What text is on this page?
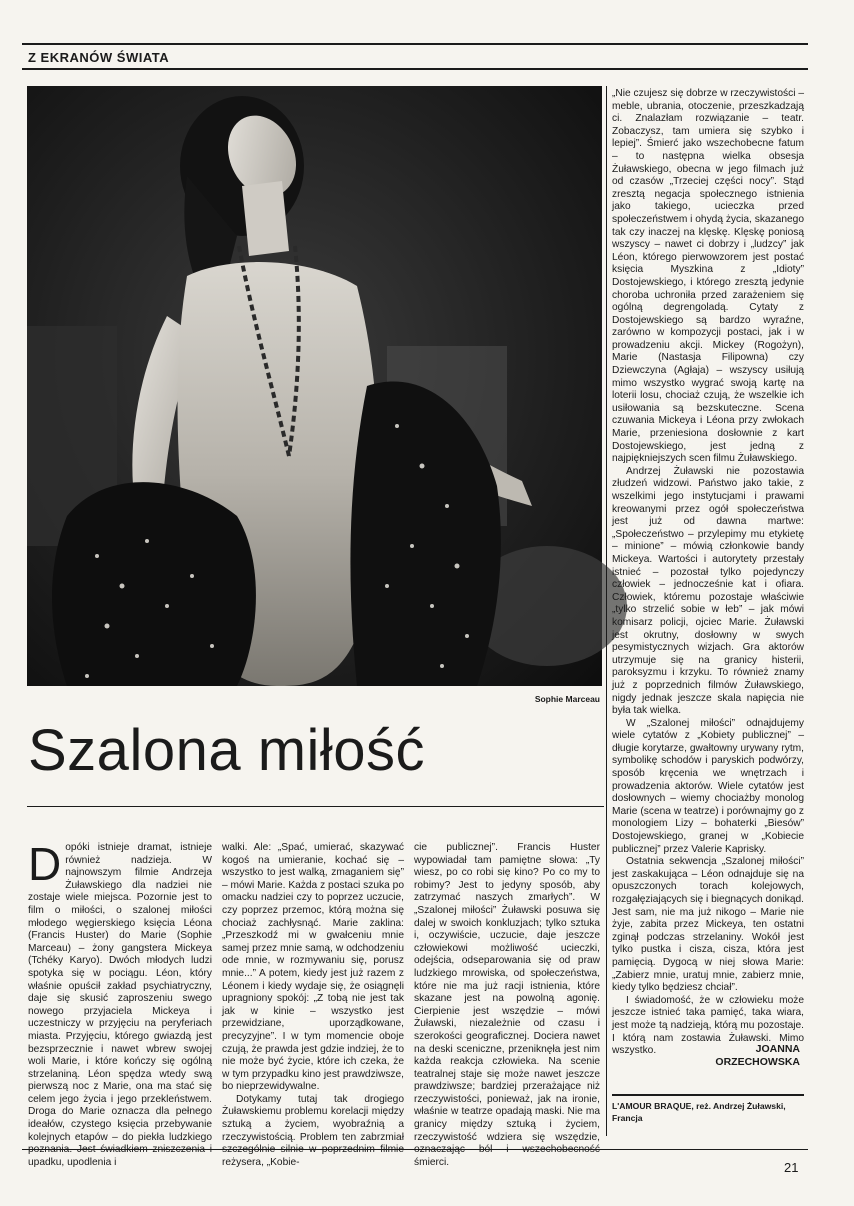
Z EKRANÓW ŚWIATA
Sophie Marceau
Szalona miłość

Dopóki istnieje dramat, istnieje również nadzieja. W najnowszym filmie Andrzeja Żuławskiego dla nadziei nie zostaje wiele miejsca. Pozornie jest to film o miłości, o szalonej miłości młodego węgierskiego księcia Léona (Francis Huster) do Marie (Sophie Marceau) – żony gangstera Mickeya (Tchéky Karyo). Dwóch młodych ludzi spotyka się w pociągu. Léon, który właśnie opuścił zakład psychiatryczny, daje się skusić zaproszeniu swego nowego przyjaciela Mickeya i uczestniczy w przyjęciu na peryferiach miasta. Przyjęciu, którego gwiazdą jest bezsprzecznie i nawet wbrew swojej woli Marie, i które kończy się ogólną strzelaniną. Léon spędza wtedy swą pierwszą noc z Marie, ona ma stać się celem jego życia i jego przekleństwem. Droga do Marie oznacza dla pełnego ideałów, czystego księcia przebywanie kolejnych etapów – do piekła ludzkiego upadku, upodlenia i

walki. Ale: „Spać, umierać, skazywać kogoś na umieranie, kochać się – wszystko to jest walką, zmaganiem się” – mówi Marie. Każda z postaci szuka po omacku nadziei czy to poprzez uczucie, czy poprzez przemoc, którą można się chociaż zachłysnąć. Marie zaklina: „Przeszkodź mi w gwałceniu mnie samej przez mnie samą, w odchodzeniu ode mnie, w rozmywaniu się, porusz mnie...” A potem, kiedy jest już razem z Léonem i kiedy wydaje się, że osiągnęli upragniony spokój: „Z tobą nie jest tak jak w kinie – wszystko jest przewidziane, uporządkowane, precyzyjne”. I w tym momencie oboje czują, że prawda jest gdzie indziej, że to nie może być życie, które ich czeka, że w tym przypadku kino jest prawdziwsze, bo nieprzewidywalne.

Dotykamy tutaj tak drogiego Żuławskiemu problemu korelacji między sztuką a życiem, wyobraźnią a rzeczywistością. Problem ten zabrzmiał reżysera, „Kobie-

cie publicznej”. Francis Huster wypowiadał tam pamiętne słowa: „Ty wiesz, po co robi się kino? Po co my to robimy? Jest to jedyny sposób, aby zatrzymać naszych zmarłych”. W „Szalonej miłości” Żuławski posuwa się dalej w swoich konkluzjach; tylko sztuka i, oczywiście, uczucie, daje jeszcze człowiekowi możliwość ucieczki, odejścia, odseparowania się od praw ludzkiego mrowiska, od społeczeństwa, które nie ma już racji istnienia, które skazane jest na powolną agonię. Cierpienie jest wszędzie – mówi Żuławski, niezależnie od czasu i szerokości geograficznej. Dociera nawet na deski sceniczne, przeniknęła jest nim każda reakcja człowieka. Na scenie teatralnej staje się może nawet jeszcze prawdziwsze; bardziej przerażające niż rzeczywistości, ponieważ, jak na ironie, właśnie w teatrze opadają maski. Nie ma granicy między sztuką i życiem, rzeczywistość wdziera się wszędzie, śmierci.

„Nie czujesz się dobrze w rzeczywistości – meble, ubrania, otoczenie, przeszkadzają ci. Znalazłam rozwiązanie – teatr. Zobaczysz, tam umiera się szybko i lepiej”. Śmierć jako wszechobecne fatum – to następna wielka obsesja Żuławskiego, obecna w jego filmach już od czasów „Trzeciej części nocy”. Stąd zresztą negacja społecznego istnienia jako takiego, ucieczka przed społeczeństwem i ohydą życia, skazanego tak czy inaczej na klęskę. Klęskę poniosą wszyscy – nawet ci dobrzy i „ludzcy” jak Léon, którego pierwowzorem jest postać księcia Myszkina z „Idioty” Dostojewskiego, i którego zresztą jedynie choroba uchroniła przed zarażeniem się ogólną degrengoladą. Cytaty z Dostojewskiego są bardzo wyraźne, zarówno w kompozycji postaci, jak i w prowadzeniu akcji. Mickey (Rogożyn), Marie (Nastasja Filipowna) czy Dziewczyna (Agłaja) – wszyscy usiłują mimo wszystko wygrać swoją kartę na loterii losu, chociaż czują, że wszelkie ich usiłowania są bezskuteczne. Scena czuwania Mickeya i Léona przy zwłokach Marie, przeniesiona dosłownie z kart Dostojewskiego, jest jedną z najpiękniejszych scen filmu Żuławskiego.

Andrzej Żuławski nie pozostawia złudzeń widzowi. Państwo jako takie, z wszelkimi jego instytucjami i prawami kreowanymi przez ogół społeczeństwa jest już od dawna martwe: „Społeczeństwo – przylepimy mu etykietę – minione” – mówią członkowie bandy Mickeya. Wartości i autorytety przestały istnieć – pozostał tylko pojedynczy człowiek – jednocześnie kat i ofiara. Człowiek, któremu pozostaje właściwie „tylko strzelić sobie w łeb” – jak mówi komisarz policji, ojciec Marie. Żuławski jest okrutny, dosłowny w swych pesymistycznych wizjach. Gra aktorów utrzymuje się na granicy histerii, paroksyzmu i krzyku. To również znamy już z poprzednich filmów Żuławskiego, nigdy jednak jeszcze skala napięcia nie była tak wielka.

W „Szalonej miłości” odnajdujemy wiele cytatów z „Kobiety publicznej” – długie korytarze, gwałtowny urywany rytm, symbolikę schodów i paryskich podwórzy, sposób kręcenia we wnętrzach i prowadzenia aktorów. Wiele cytatów jest dosłownych – wiemy chociażby monolog Marie (scena w teatrze) i porównajmy go z monologiem Lizy – bohaterki „Biesów” Dostojewskiego, granej w „Kobiecie publicznej” przez Valerie Kaprisky.

Ostatnia sekwencja „Szalonej miłości” jest zaskakująca – Léon odnajduje się na opuszczonych torach kolejowych, rozgałęziających się i biegnących donikąd. Jest sam, nie ma już nikogo – Marie nie żyje, zabita przez Mickeya, ten ostatni zginął podczas strzelaniny. Wokół jest tylko pustka i cisza, cisza, która jest pamięcią. Dygocą w niej słowa Marie: „Zabierz mnie, uratuj mnie, zabierz mnie, kiedy tylko będziesz chciał”.

I świadomość, że w człowieku może jeszcze istnieć taka pamięć, taka wiara, jest może tą nadzieją, którą mu pozostaje. I którą nam zostawia Żuławski. Mimo wszystko.	JOANNA
ORZECHOWSKA
L'AMOUR BRAQUE, reż. Andrzej Żuławski, Francja
21
